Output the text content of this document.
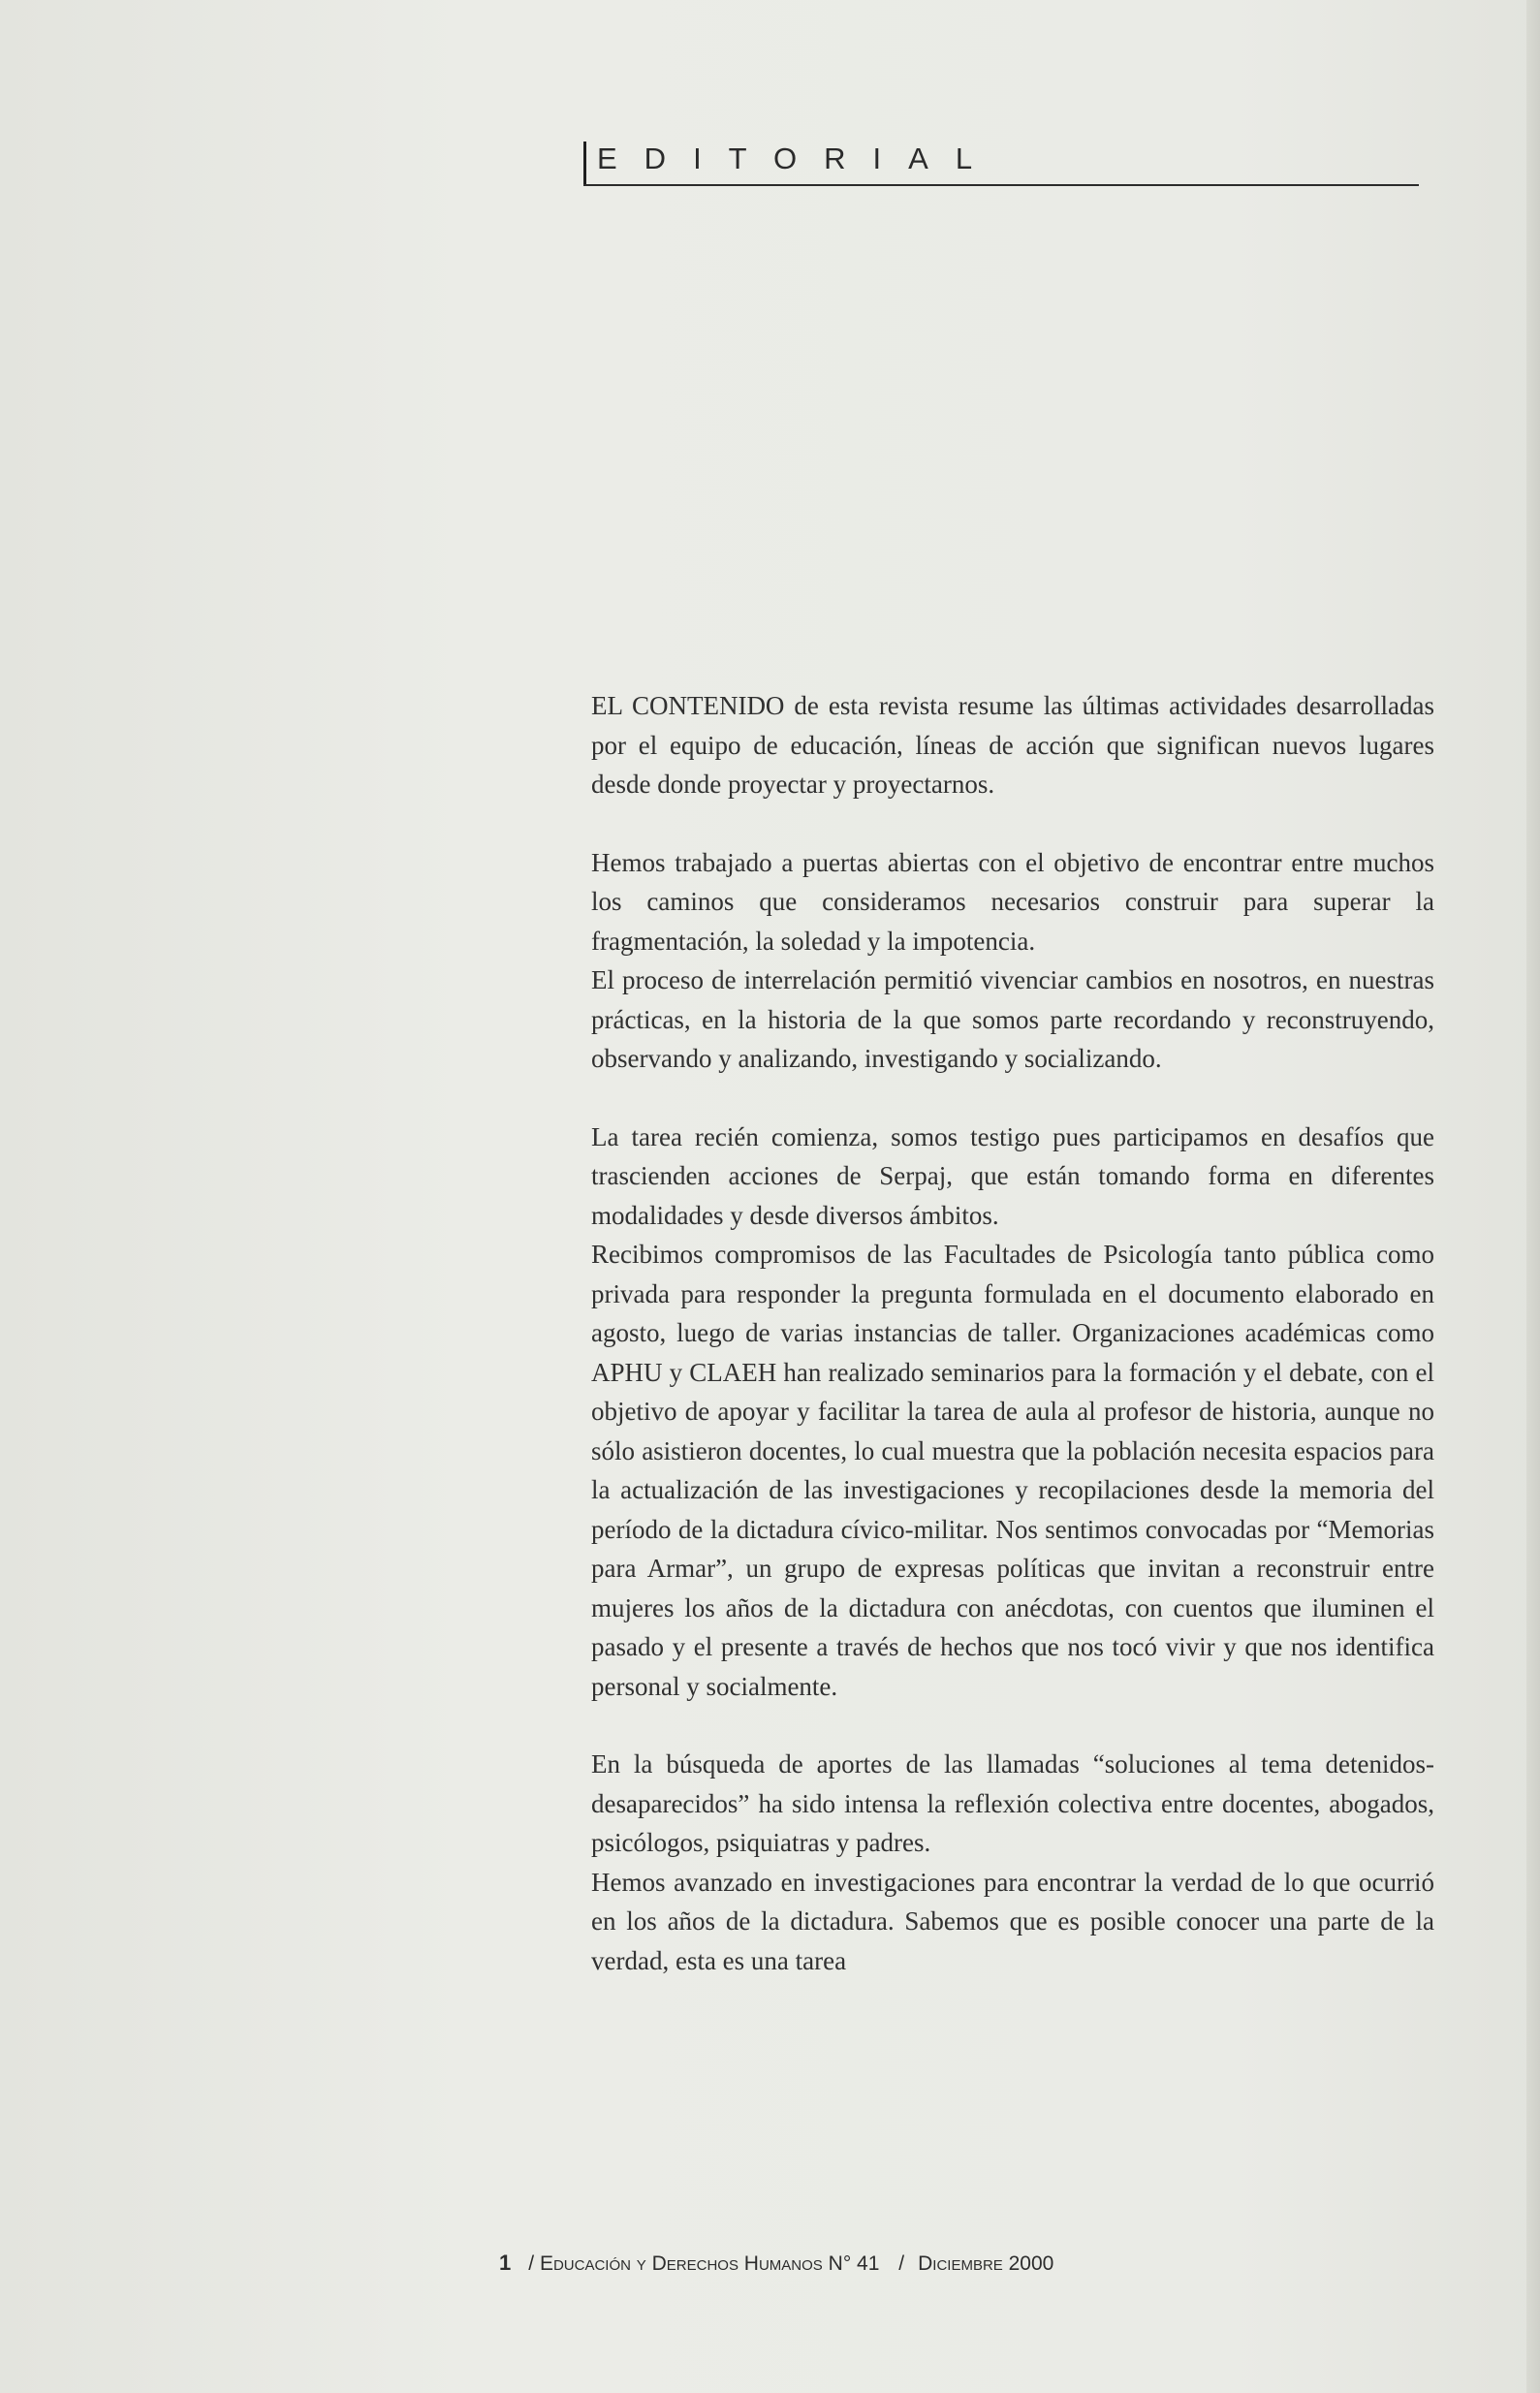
EDITORIAL

EL CONTENIDO de esta revista resume las últimas actividades desarrolladas por el equipo de educación, líneas de acción que significan nuevos lugares desde donde proyectar y proyectarnos.

Hemos trabajado a puertas abiertas con el objetivo de encontrar entre muchos los caminos que consideramos necesarios construir para superar la fragmentación, la soledad y la impotencia.

El proceso de interrelación permitió vivenciar cambios en nosotros, en nuestras prácticas, en la historia de la que somos parte recordando y reconstruyendo, observando y analizando, investigando y socializando.

La tarea recién comienza, somos testigo pues participamos en desafíos que trascienden acciones de Serpaj, que están tomando forma en diferentes modalidades y desde diversos ámbitos.

Recibimos compromisos de las Facultades de Psicología tanto pública como privada para responder la pregunta formulada en el documento elaborado en agosto, luego de varias instancias de taller. Organizaciones académicas como APHU y CLAEH han realizado seminarios para la formación y el debate, con el objetivo de apoyar y facilitar la tarea de aula al profesor de historia, aunque no sólo asistieron docentes, lo cual muestra que la población necesita espacios para la actualización de las investigaciones y recopilaciones desde la memoria del período de la dictadura cívico-militar. Nos sentimos convocadas por “Memorias para Armar”, un grupo de expresas políticas que invitan a reconstruir entre mujeres los años de la dictadura con anécdotas, con cuentos que iluminen el pasado y el presente a través de hechos que nos tocó vivir y que nos identifica personal y socialmente.

En la búsqueda de aportes de las llamadas “soluciones al tema detenidos-desaparecidos” ha sido intensa la reflexión colectiva entre docentes, abogados, psicólogos, psiquiatras y padres.

Hemos avanzado en investigaciones para encontrar la verdad de lo que ocurrió en los años de la dictadura. Sabemos que es posible conocer una parte de la verdad, esta es una tarea

1 / Educación y Derechos Humanos N° 41 / Diciembre 2000
